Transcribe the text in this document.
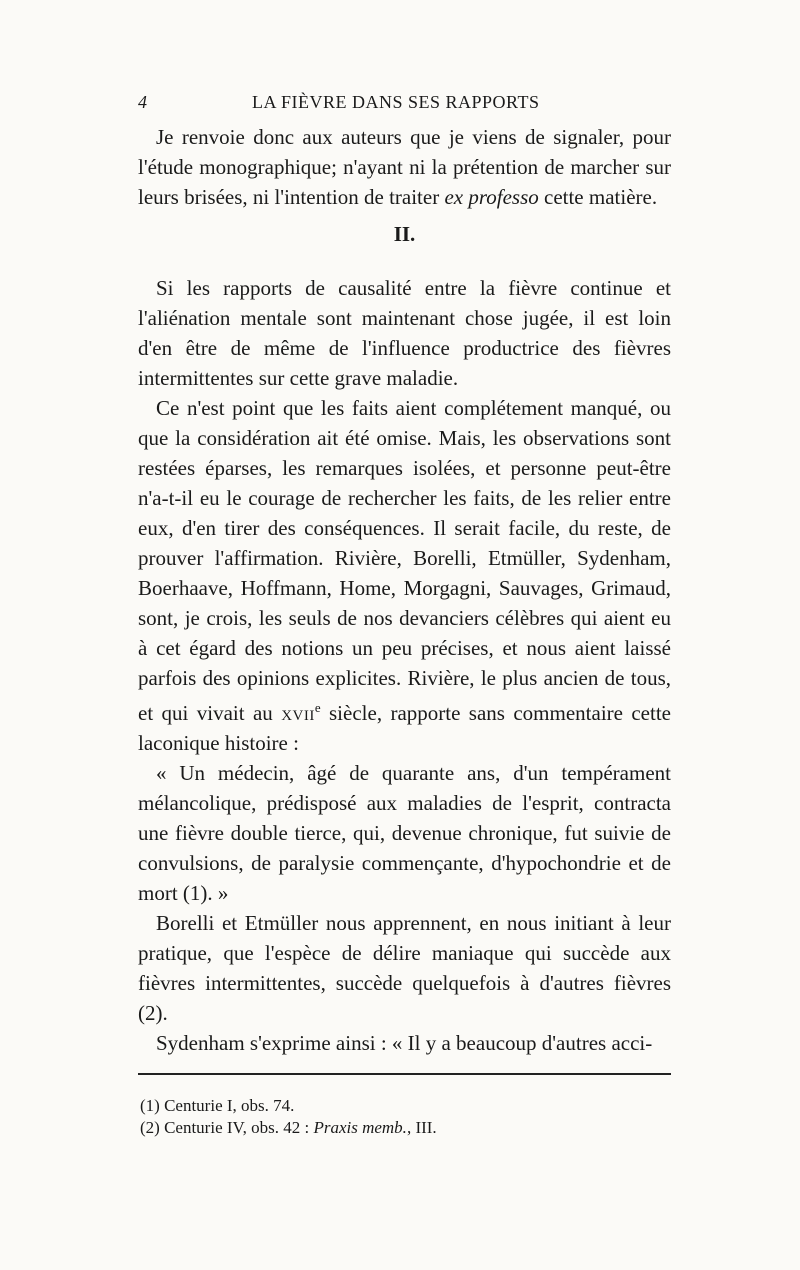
4	LA FIÈVRE DANS SES RAPPORTS

Je renvoie donc aux auteurs que je viens de signaler, pour l'étude monographique; n'ayant ni la prétention de marcher sur leurs brisées, ni l'intention de traiter ex professo cette matière.

II.

Si les rapports de causalité entre la fièvre continue et l'aliénation mentale sont maintenant chose jugée, il est loin d'en être de même de l'influence productrice des fièvres intermittentes sur cette grave maladie.

Ce n'est point que les faits aient complétement manqué, ou que la considération ait été omise. Mais, les observations sont restées éparses, les remarques isolées, et personne peut-être n'a-t-il eu le courage de rechercher les faits, de les relier entre eux, d'en tirer des conséquences. Il serait facile, du reste, de prouver l'affirmation. Rivière, Borelli, Etmüller, Sydenham, Boerhaave, Hoffmann, Home, Morgagni, Sauvages, Grimaud, sont, je crois, les seuls de nos devanciers célèbres qui aient eu à cet égard des notions un peu précises, et nous aient laissé parfois des opinions explicites. Rivière, le plus ancien de tous, et qui vivait au xvii$^e$ siècle, rapporte sans commentaire cette laconique histoire :

« Un médecin, âgé de quarante ans, d'un tempérament mélancolique, prédisposé aux maladies de l'esprit, contracta une fièvre double tierce, qui, devenue chronique, fut suivie de convulsions, de paralysie commençante, d'hypochondrie et de mort (1). »

Borelli et Etmüller nous apprennent, en nous initiant à leur pratique, que l'espèce de délire maniaque qui succède aux fièvres intermittentes, succède quelquefois à d'autres fièvres (2).

Sydenham s'exprime ainsi : « Il y a beaucoup d'autres acci-

(1) Centurie I, obs. 74.
(2) Centurie IV, obs. 42 : Praxis memb., III.
